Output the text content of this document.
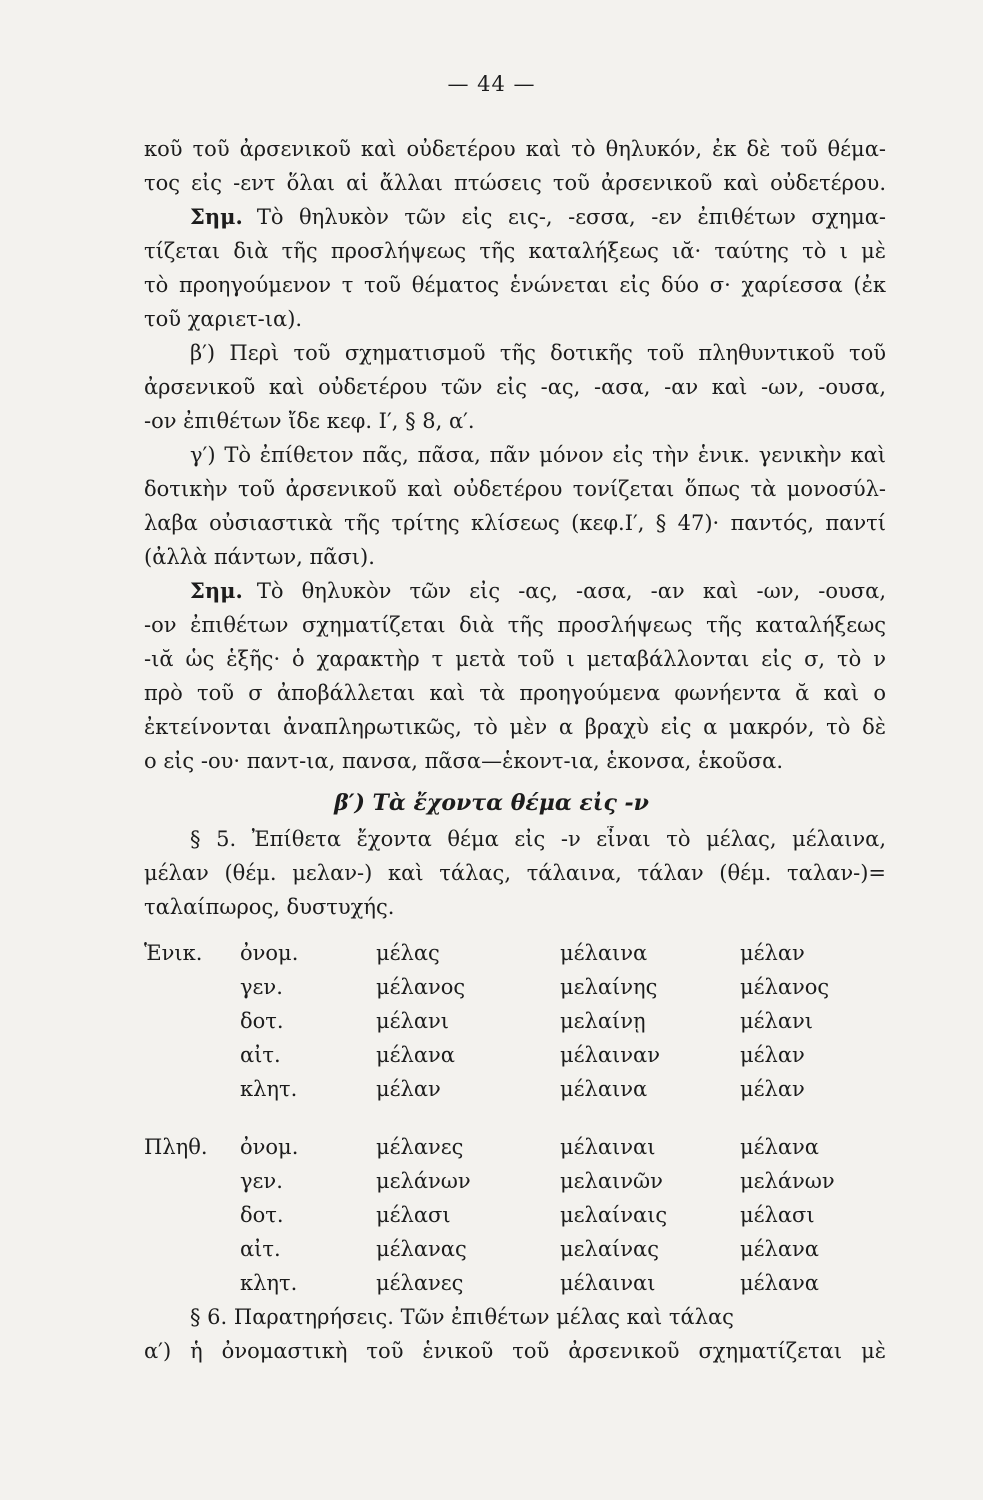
— 44 —
κοῦ τοῦ ἀρσενικοῦ καὶ οὐδετέρου καὶ τὸ θηλυκόν, ἐκ δὲ τοῦ θέμα-
τος εἰς -εντ ὅλαι αἱ ἄλλαι πτώσεις τοῦ ἀρσενικοῦ καὶ οὐδετέρου.
Σημ. Τὸ θηλυκὸν τῶν εἰς εις-, -εσσα, -εν ἐπιθέτων σχημα-
τίζεται διὰ τῆς προσλήψεως τῆς καταλήξεως ιᾰ· ταύτης τὸ ι μὲ
τὸ προηγούμενον τ τοῦ θέματος ἑνώνεται εἰς δύο σ· χαρίεσσα (ἐκ
τοῦ χαριετ-ια).
β′) Περὶ τοῦ σχηματισμοῦ τῆς δοτικῆς τοῦ πληθυντικοῦ τοῦ
ἀρσενικοῦ καὶ οὐδετέρου τῶν εἰς -ας, -ασα, -αν καὶ -ων, -ουσα,
-ον ἐπιθέτων ἴδε κεφ. Ι′, § 8, α′.
γ′) Τὸ ἐπίθετον πᾶς, πᾶσα, πᾶν μόνον εἰς τὴν ἑνικ. γενικὴν καὶ
δοτικὴν τοῦ ἀρσενικοῦ καὶ οὐδετέρου τονίζεται ὅπως τὰ μονοσύλ-
λαβα οὐσιαστικὰ τῆς τρίτης κλίσεως (κεφ.Ι′, § 47)· παντός, παντί
(ἀλλὰ πάντων, πᾶσι).
Σημ. Τὸ θηλυκὸν τῶν εἰς -ας, -ασα, -αν καὶ -ων, -ουσα,
-ον ἐπιθέτων σχηματίζεται διὰ τῆς προσλήψεως τῆς καταλήξεως
-ιᾰ ὡς ἑξῆς· ὁ χαρακτὴρ τ μετὰ τοῦ ι μεταβάλλονται εἰς σ, τὸ ν
πρὸ τοῦ σ ἀποβάλλεται καὶ τὰ προηγούμενα φωνήεντα ᾰ καὶ ο
ἐκτείνονται ἀναπληρωτικῶς, τὸ μὲν α βραχὺ εἰς α μακρόν, τὸ δὲ
ο εἰς -ου· παντ-ια, πανσα, πᾶσα—ἑκοντ-ια, ἑκονσα, ἑκοῦσα.
β′) Τὰ ἔχοντα θέμα εἰς -ν
§ 5. Ἐπίθετα ἔχοντα θέμα εἰς -ν εἶναι τὸ μέλας, μέλαινα,
μέλαν (θέμ. μελαν-) καὶ τάλας, τάλαινα, τάλαν (θέμ. ταλαν-)=
ταλαίπωρος, δυστυχής.
Ἑνικ. ὀνομ.	μέλας	μέλαινα	μέλαν
γεν.	μέλανος	μελαίνης	μέλανος
δοτ.	μέλανι	μελαίνῃ	μέλανι
αἰτ.	μέλανα	μέλαιναν	μέλαν
κλητ.	μέλαν	μέλαινα	μέλαν
Πληθ. ὀνομ.	μέλανες	μέλαιναι	μέλανα
γεν.	μελάνων	μελαινῶν	μελάνων
δοτ.	μέλασι	μελαίναις	μέλασι
αἰτ.	μέλανας	μελαίνας	μέλανα
κλητ.	μέλανες	μέλαιναι	μέλανα
§ 6. Παρατηρήσεις. Τῶν ἐπιθέτων μέλας καὶ τάλας
α′) ἡ ὀνομαστικὴ τοῦ ἑνικοῦ τοῦ ἀρσενικοῦ σχηματίζεται μὲ
